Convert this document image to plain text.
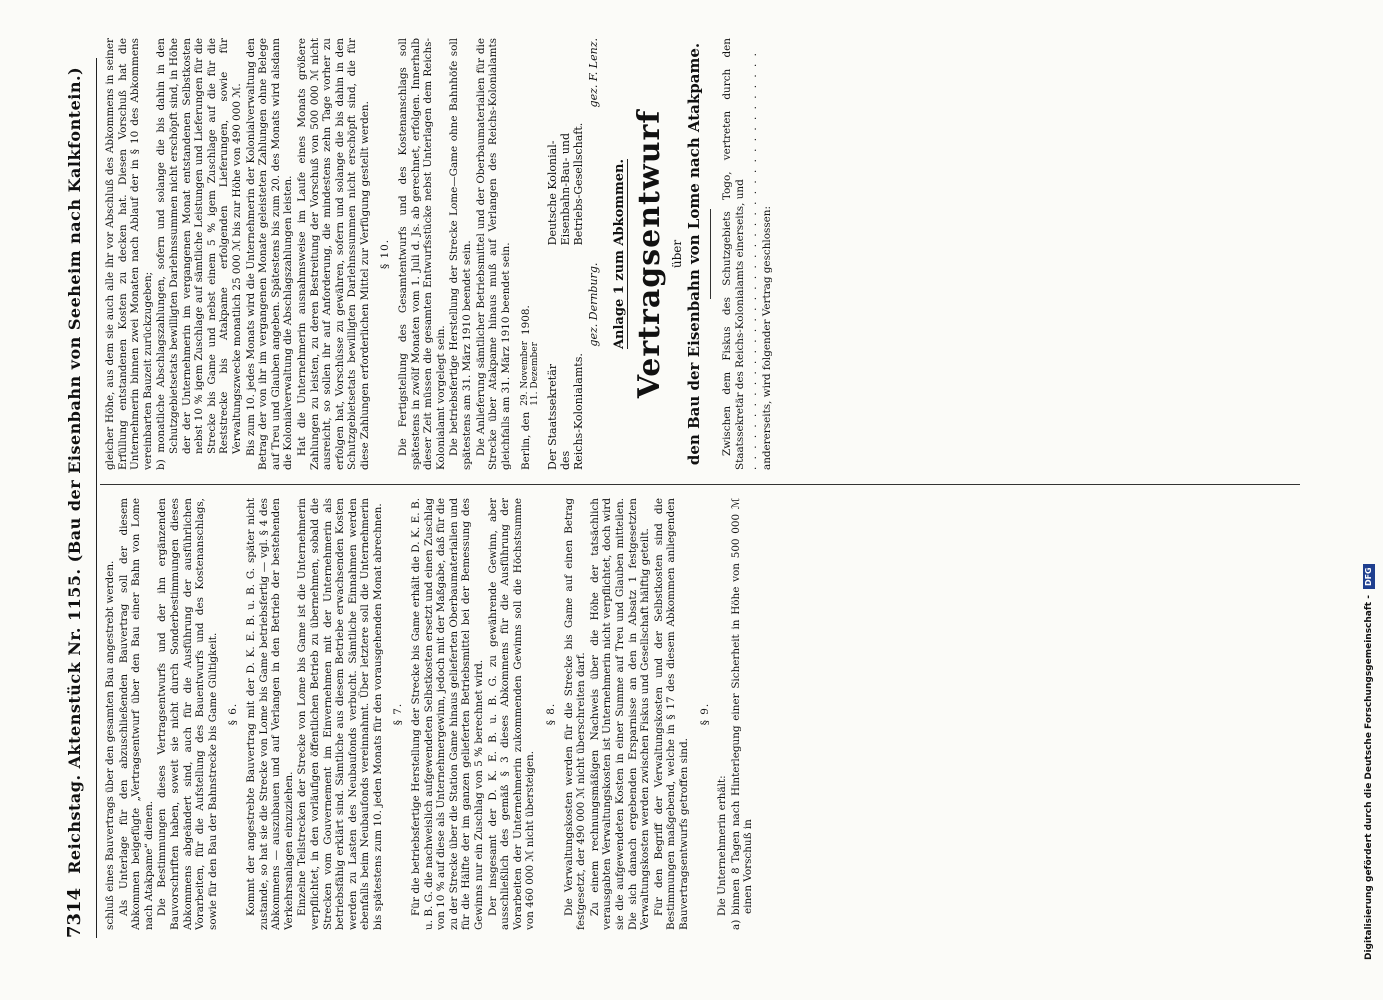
7314
Reichstag. Aktenstück Nr. 1155. (Bau der Eisenbahn von Seeheim nach Kalkfontein.) schluß eines Bauvertrags über den gesamten Bau angestrebt werden. Als Unterlage für den abzuschließenden Bauvertrag soll der diesem Abkommen beigefügte „Vertragsentwurf über den Bau einer Bahn von Lome nach Atakpame“ dienen. Die Bestimmungen dieses Vertragsentwurfs und der ihn ergänzenden Bauvorschriften haben, soweit sie nicht durch Sonderbestimmungen dieses Abkommens abgeändert sind, auch für die Ausführung der ausführlichen Vorarbeiten, für die Aufstellung des Bauentwurfs und des Kostenanschlags, sowie für den Bau der Bahnstrecke bis Game Gültigkeit. § 6. Kommt der angestrebte Bauvertrag mit der D. K. E. B. u. B. G. später nicht zustande, so hat sie die Strecke von Lome bis Game betriebsfertig — vgl. § 4 des Abkommens — auszubauen und auf Verlangen in den Betrieb der bestehenden Verkehrsanlagen einzuziehen. Einzelne Teilstrecken der Strecke von Lome bis Game ist die Unternehmerin verpflichtet, in den vorläufigen öffentlichen Betrieb zu übernehmen, sobald die Strecken vom Gouvernement im Einvernehmen mit der Unternehmerin als betriebsfähig erklärt sind. Sämtliche aus diesem Betriebe erwachsenden Kosten werden zu Lasten des Neubaufonds verbucht. Sämtliche Einnahmen werden ebenfalls beim Neubaufonds vereinnahmt. Über letztere soll die Unternehmerin bis spätestens zum 10. jeden Monats für den vorausgehenden Monat abrechnen. § 7. Für die betriebsfertige Herstellung der Strecke bis Game erhält die D. K. E. B. u. B. G. die nachweislich aufgewendeten Selbstkosten ersetzt und einen Zuschlag von 10 % auf diese als Unternehmergewinn, jedoch mit der Maßgabe, daß für die zu der Strecke über die Station Game hinaus gelieferten Oberbaumaterialien und für die Hälfte der im ganzen gelieferten Betriebsmittel bei der Bemessung des Gewinns nur ein Zuschlag von 5 % berechnet wird. Der insgesamt der D. K. E. B. u. B. G. zu gewährende Gewinn, aber ausschließlich des gemäß § 3 dieses Abkommens für die Ausführung der Vorarbeiten der Unternehmerin zukommenden Gewinns soll die Höchstsumme von 460 000 ℳ nicht übersteigen.

§ 8. Die Verwaltungskosten werden für die Strecke bis Game auf einen Betrag festgesetzt, der 490 000 ℳ nicht überschreiten darf. Zu einem rechnungsmäßigen Nachweis über die Höhe der tatsächlich verausgabten Verwaltungskosten ist Unternehmerin nicht verpflichtet, doch wird sie die aufgewendeten Kosten in einer Summe auf Treu und Glauben mitteilen. Die sich danach ergebenden Ersparnisse an den in Absatz 1 festgesetzten Verwaltungskosten werden zwischen Fiskus und Gesellschaft hälftig geteilt. Für den Begriff der Verwaltungskosten und der Selbstkosten sind die Bestimmungen maßgebend, welche in § 17 des diesem Abkommen anliegenden Bauvertragsentwurfs getroffen sind.

§ 9.

Die Unternehmerin erhält: a) binnen 8 Tagen nach Hinterlegung einer Sicherheit in Höhe von 500 000 ℳ einen Vorschuß in

gleicher Höhe, aus dem sie auch alle ihr vor Abschluß des Abkommens in seiner Erfüllung entstandenen Kosten zu decken hat. Diesen Vorschuß hat die Unternehmerin binnen zwei Monaten nach Ablauf der in § 10 des Abkommens vereinbarten Bauzeit zurückzugeben; b) monatliche Abschlagszahlungen, sofern und solange die bis dahin in den Schutzgebietsetats bewilligten Darlehnssummen nicht erschöpft sind, in Höhe der der Unternehmerin im vergangenen Monat entstandenen Selbstkosten nebst 10 % igem Zuschlage auf sämtliche Leistungen und Lieferungen für die Strecke bis Game und nebst einem 5 % igem Zuschlage auf die für die Reststrecke bis Atakpame erfolgenden Lieferungen, sowie für Verwaltungszwecke monatlich 25 000 ℳ bis zur Höhe von 490 000 ℳ. Bis zum 10. jedes Monats wird die Unternehmerin der Kolonialverwaltung den Betrag der von ihr im vergangenen Monate geleisteten Zahlungen ohne Belege auf Treu und Glauben angeben. Spätestens bis zum 20. des Monats wird alsdann die Kolonialverwaltung die Abschlagszahlungen leisten. Hat die Unternehmerin ausnahmsweise im Laufe eines Monats größere Zahlungen zu leisten, zu deren Bestreitung der Vorschuß von 500 000 ℳ nicht ausreicht, so sollen ihr auf Anforderung, die mindestens zehn Tage vorher zu erfolgen hat, Vorschüsse zu gewähren, sofern und solange die bis dahin in den Schutzgebietsetats bewilligten Darlehnssummen nicht erschöpft sind, die für diese Zahlungen erforderlichen Mittel zur Verfügung gestellt werden. § 10. Die Fertigstellung des Gesamtentwurfs und des Kostenanschlags soll spätestens in zwölf Monaten vom 1. Juli d. Js. ab gerechnet, erfolgen. Innerhalb dieser Zeit müssen die gesamten Entwurfsstücke nebst Unterlagen dem Reichs-Kolonialamt vorgelegt sein. Die betriebsfertige Herstellung der Strecke Lome—Game ohne Bahnhöfe soll spätestens am 31. März 1910 beendet sein. Die Anlieferung sämtlicher Betriebsmittel und der Oberbaumaterialien für die Strecke über Atakpame hinaus muß auf Verlangen des Reichs-Kolonialamts gleichfalls am 31. März 1910 beendet sein. Berlin, den
29. November 11. Dezember
1908.
Der Staatssekretär des Reichs-Kolonialamts.
gez. Dernburg.
Deutsche Kolonial- Eisenbahn-Bau- und Betriebs-Gesellschaft.
gez. F. Lenz.
Anlage 1 zum Abkommen. Vertragsentwurf über den Bau der Eisenbahn von Lome nach Atakpame. Zwischen dem Fiskus des Schutzgebiets Togo, vertreten durch den Staatssekretär des Reichs-Kolonialamts einerseits, und . . . . . . . . . . . . . . . . . . . . . . . . . . . . . . . . . . . . . . . . andererseits, wird folgender Vertrag geschlossen:

Digitalisierung gefördert durch die Deutsche Forschungsgemeinschaft -
DFG
